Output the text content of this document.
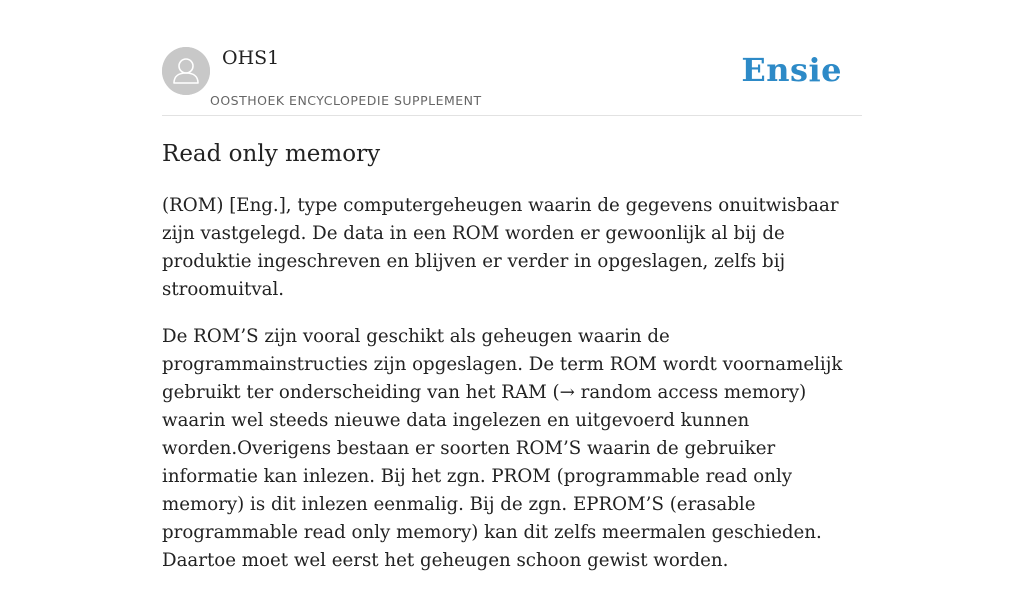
OHS1
OOSTHOEK ENCYCLOPEDIE SUPPLEMENT
Ensie
Read only memory

(ROM) [Eng.], type computergeheugen waarin de gegevens onuitwisbaar zijn vastgelegd. De data in een ROM worden er gewoonlijk al bij de produktie ingeschreven en blijven er verder in opgeslagen, zelfs bij stroomuitval.

De ROM’S zijn vooral geschikt als geheugen waarin de programmainstructies zijn opgeslagen. De term ROM wordt voornamelijk gebruikt ter onderscheiding van het RAM (→ random access memory) waarin wel steeds nieuwe data ingelezen en uitgevoerd kunnen worden.Overigens bestaan er soorten ROM’S waarin de gebruiker informatie kan inlezen. Bij het zgn. PROM (programmable read only memory) is dit inlezen eenmalig. Bij de zgn. EPROM’S (erasable programmable read only memory) kan dit zelfs meermalen geschieden. Daartoe moet wel eerst het geheugen schoon gewist worden.
